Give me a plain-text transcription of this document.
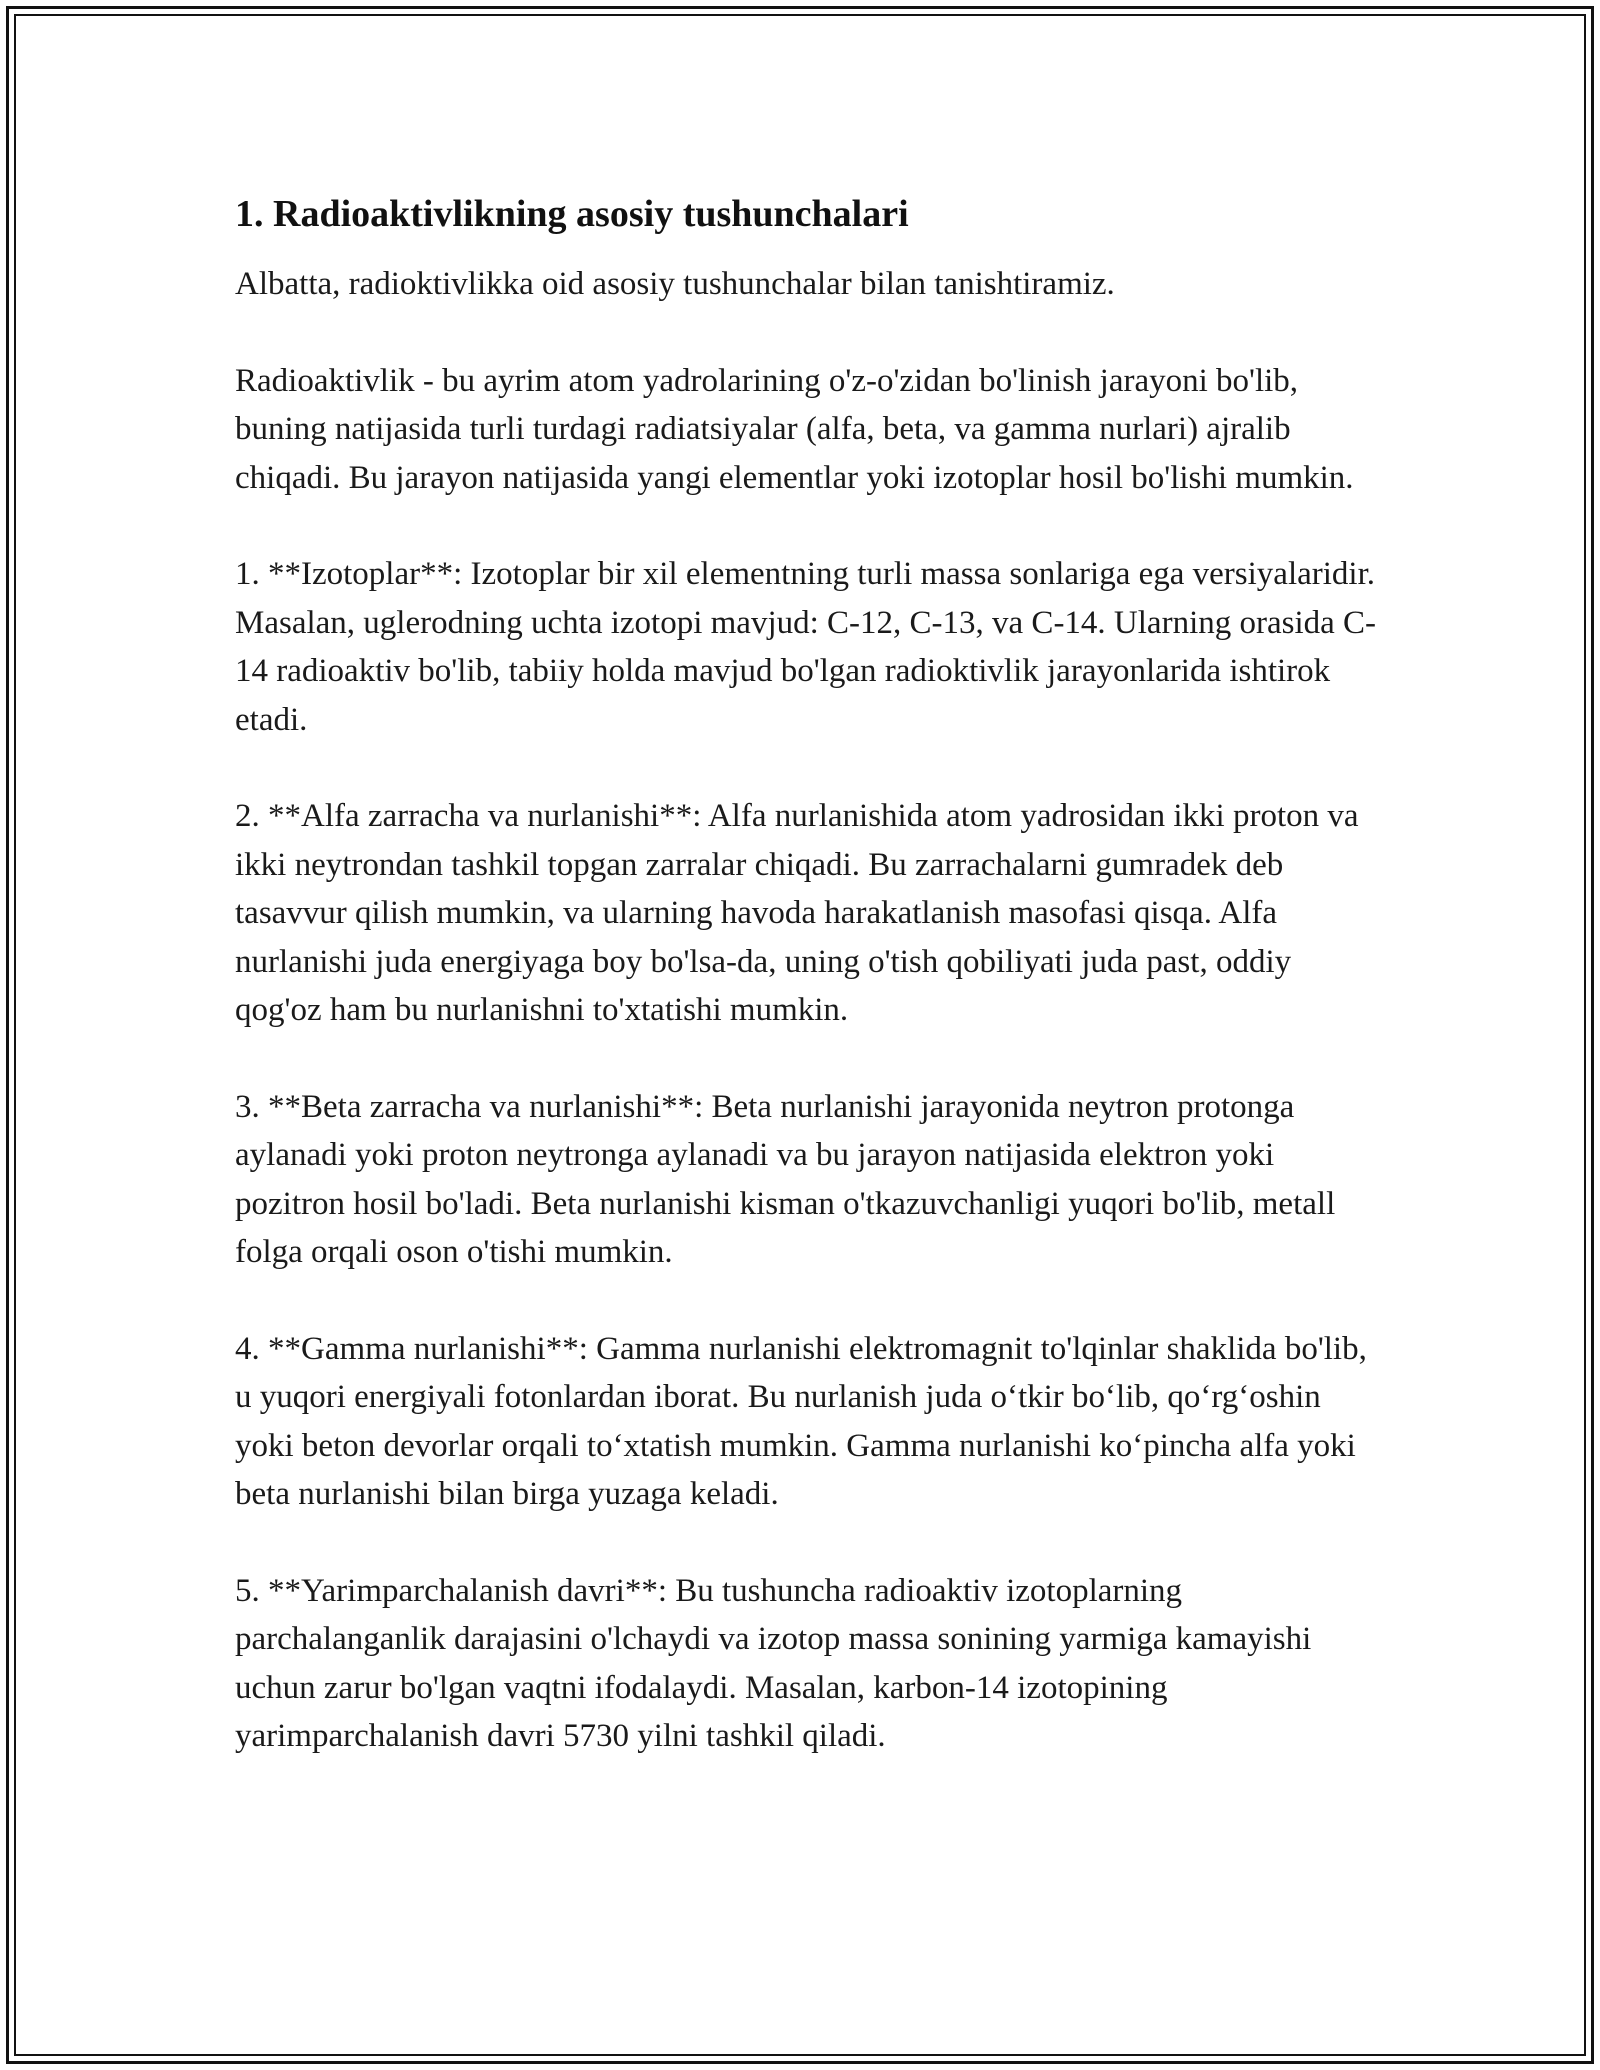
1. Radioaktivlikning asosiy tushunchalari

Albatta, radioktivlikka oid asosiy tushunchalar bilan tanishtiramiz.

Radioaktivlik - bu ayrim atom yadrolarining o'z-o'zidan bo'linish jarayoni bo'lib, buning natijasida turli turdagi radiatsiyalar (alfa, beta, va gamma nurlari) ajralib chiqadi. Bu jarayon natijasida yangi elementlar yoki izotoplar hosil bo'lishi mumkin.

1. **Izotoplar**: Izotoplar bir xil elementning turli massa sonlariga ega versiyalaridir. Masalan, uglerodning uchta izotopi mavjud: C-12, C-13, va C-14. Ularning orasida C-14 radioaktiv bo'lib, tabiiy holda mavjud bo'lgan radioktivlik jarayonlarida ishtirok etadi.

2. **Alfa zarracha va nurlanishi**: Alfa nurlanishida atom yadrosidan ikki proton va ikki neytrondan tashkil topgan zarralar chiqadi. Bu zarrachalarni gumradek deb tasavvur qilish mumkin, va ularning havoda harakatlanish masofasi qisqa. Alfa nurlanishi juda energiyaga boy bo'lsa-da, uning o'tish qobiliyati juda past, oddiy qog'oz ham bu nurlanishni to'xtatishi mumkin.

3. **Beta zarracha va nurlanishi**: Beta nurlanishi jarayonida neytron protonga aylanadi yoki proton neytronga aylanadi va bu jarayon natijasida elektron yoki pozitron hosil bo'ladi. Beta nurlanishi kisman o'tkazuvchanligi yuqori bo'lib, metall folga orqali oson o'tishi mumkin.

4. **Gamma nurlanishi**: Gamma nurlanishi elektromagnit to'lqinlar shaklida bo'lib, u yuqori energiyali fotonlardan iborat. Bu nurlanish juda o‘tkir bo‘lib, qo‘rg‘oshin yoki beton devorlar orqali to‘xtatish mumkin. Gamma nurlanishi ko‘pincha alfa yoki beta nurlanishi bilan birga yuzaga keladi.

5. **Yarimparchalanish davri**: Bu tushuncha radioaktiv izotoplarning parchalanganlik darajasini o'lchaydi va izotop massa sonining yarmiga kamayishi uchun zarur bo'lgan vaqtni ifodalaydi. Masalan, karbon-14 izotopining yarimparchalanish davri 5730 yilni tashkil qiladi.
